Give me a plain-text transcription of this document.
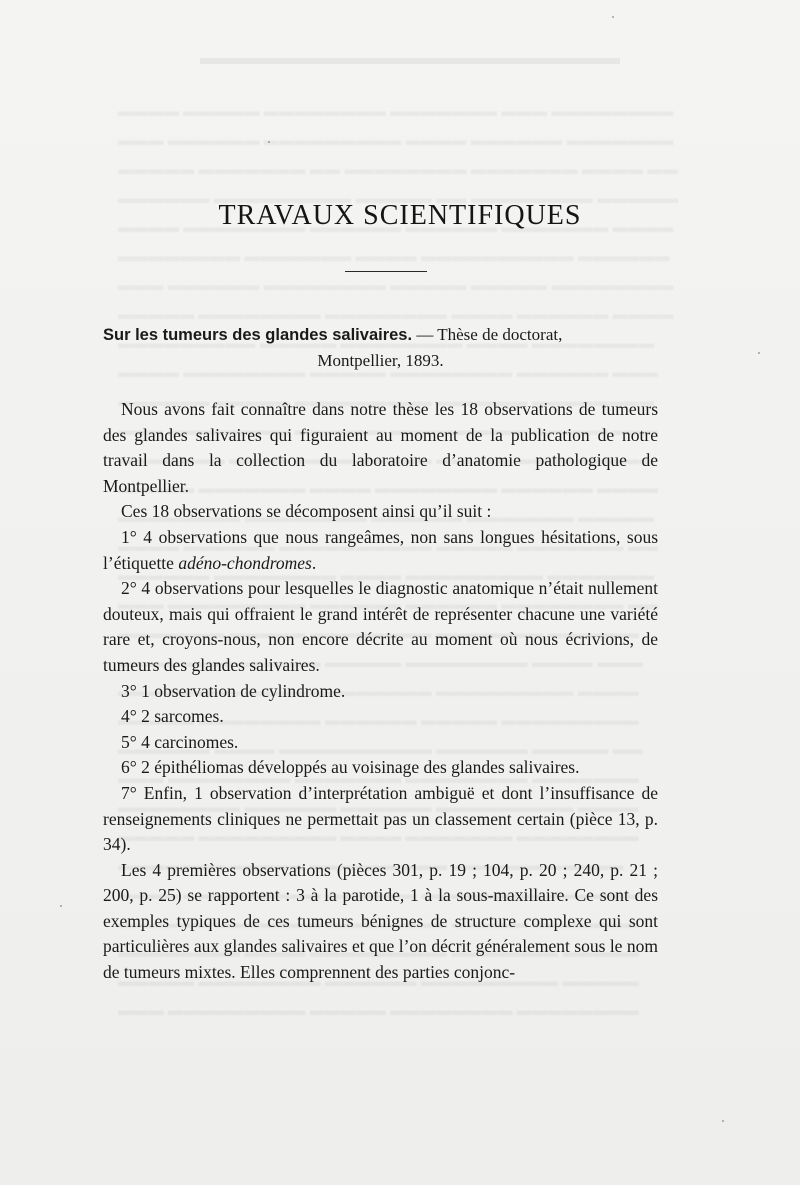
TRAVAUX SCIENTIFIQUES
Sur les tumeurs des glandes salivaires. — Thèse de doctorat,
Montpellier, 1893.

Nous avons fait connaître dans notre thèse les 18 observations de tumeurs des glandes salivaires qui figuraient au moment de la publication de notre travail dans la collection du laboratoire d’anatomie pathologique de Montpellier.

Ces 18 observations se décomposent ainsi qu’il suit :

1° 4 observations que nous rangeâmes, non sans longues hésitations, sous l’étiquette adéno-chondromes.

2° 4 observations pour lesquelles le diagnostic anatomique n’était nullement douteux, mais qui offraient le grand intérêt de représenter chacune une variété rare et, croyons-nous, non encore décrite au moment où nous écrivions, de tumeurs des glandes salivaires.

3° 1 observation de cylindrome.

4° 2 sarcomes.

5° 4 carcinomes.

6° 2 épithéliomas développés au voisinage des glandes salivaires.

7° Enfin, 1 observation d’interprétation ambiguë et dont l’insuffisance de renseignements cliniques ne permettait pas un classement certain (pièce 13, p. 34).

Les 4 premières observations (pièces 301, p. 19 ; 104, p. 20 ; 240, p. 21 ; 200, p. 25) se rapportent : 3 à la parotide, 1 à la sous-maxillaire. Ce sont des exemples typiques de ces tumeurs bénignes de structure complexe qui sont particulières aux glandes salivaires et que l’on décrit généralement sous le nom de tumeurs mixtes. Elles comprennent des parties conjonc-
